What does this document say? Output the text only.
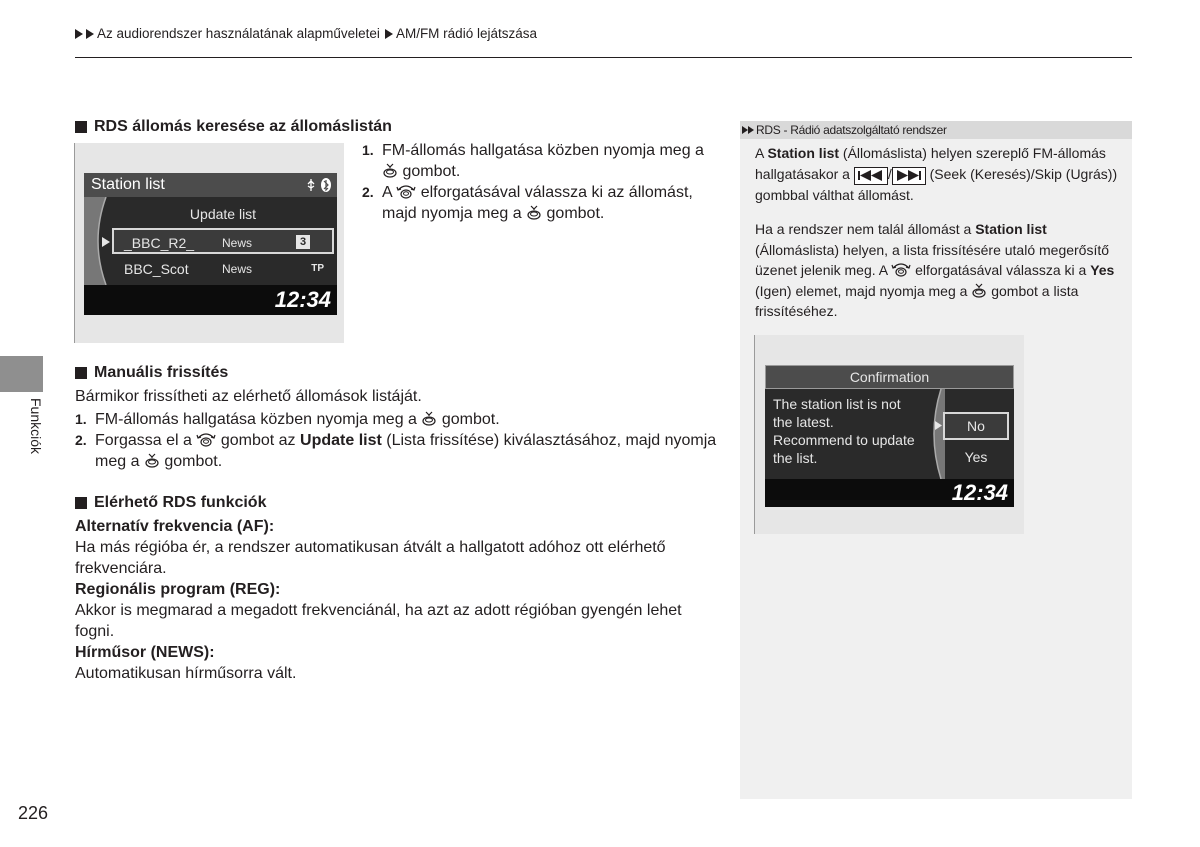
Az audiorendszer használatának alapműveletei AM/FM rádió lejátszása
Funkciók
RDS állomás keresése az állomáslistán
Station list
Update list
_BBC_R2_ News	3
BBC_Scot	News	TP
12:34
1. FM-állomás hallgatása közben nyomja meg a
gombot.
2. A elforgatásával válassza ki az állomást,
majd nyomja meg a gombot.
Manuális frissítés
Bármikor frissítheti az elérhető állomások listáját.
1. FM-állomás hallgatása közben nyomja meg a gombot.
2. Forgassa el a gombot az Update list (Lista frissítése) kiválasztásához, majd nyomja
meg a gombot.
Elérhető RDS funkciók
Alternatív frekvencia (AF):
Ha más régióba ér, a rendszer automatikusan átvált a hallgatott adóhoz ott elérhető
frekvenciára.
Regionális program (REG):
Akkor is megmarad a megadott frekvenciánál, ha azt az adott régióban gyengén lehet
fogni.
Hírműsor (NEWS):
Automatikusan hírműsorra vált.
RDS - Rádió adatszolgáltató rendszer
A Station list (Állomáslista) helyen szereplő FM-állomás
hallgatásakor a	/	(Seek (Keresés)/Skip (Ugrás))
gombbal válthat állomást.
Ha a rendszer nem talál állomást a Station list
(Állomáslista) helyen, a lista frissítésére utaló megerősítő
üzenet jelenik meg. A elforgatásával válassza ki a Yes
(Igen) elemet, majd nyomja meg a gombot a lista
frissítéséhez.
Confirmation
The station list is not
the latest.
Recommend to update
the list.
No
Yes
12:34
226
